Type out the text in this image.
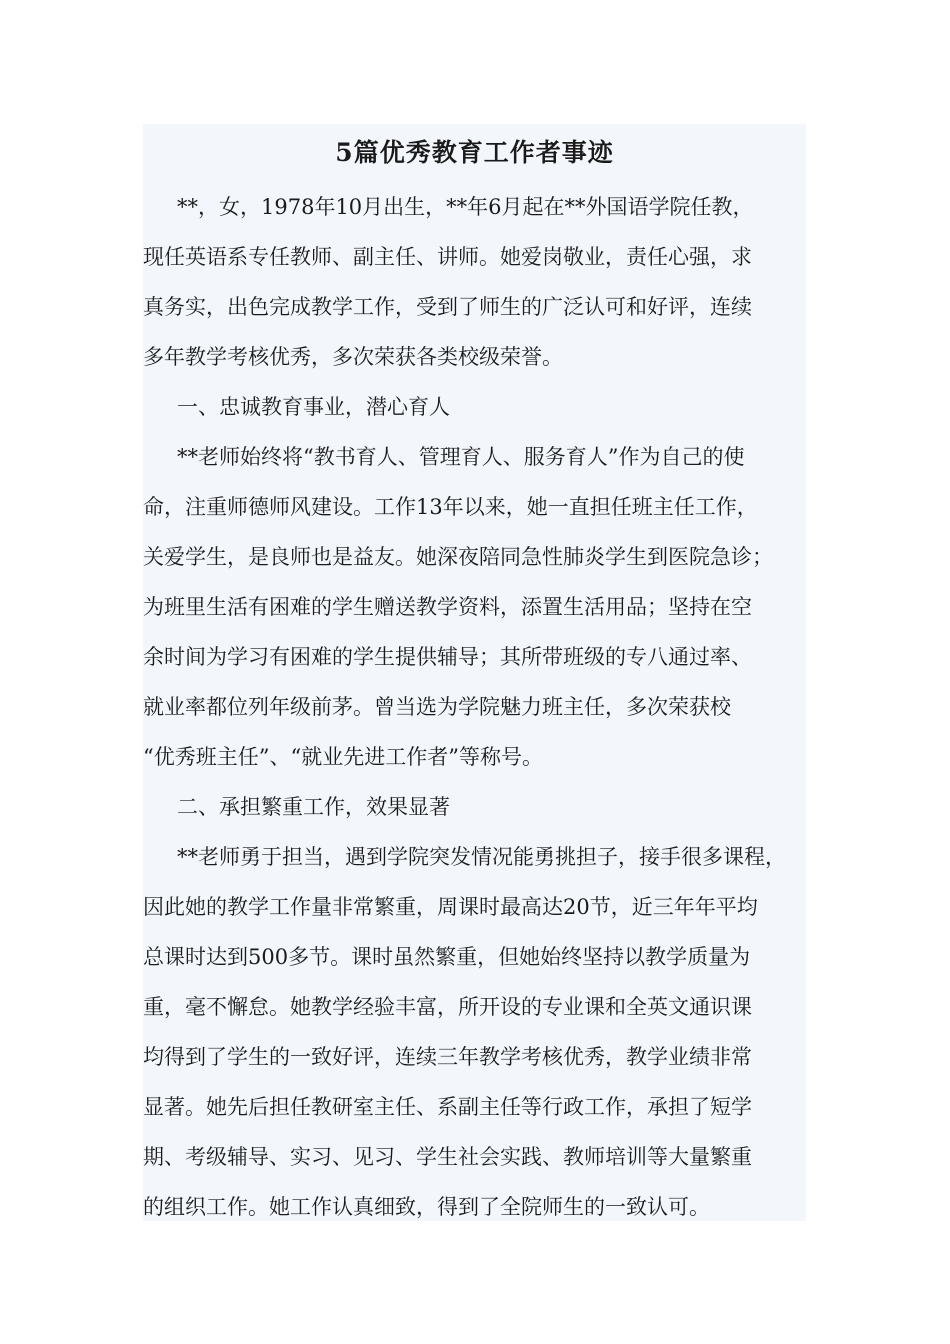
5篇优秀教育工作者事迹
**，女，1978年10月出生，**年6月起在**外国语学院任教，
现任英语系专任教师、副主任、讲师。她爱岗敬业，责任心强，求
真务实，出色完成教学工作，受到了师生的广泛认可和好评，连续
多年教学考核优秀，多次荣获各类校级荣誉。
一、忠诚教育事业，潜心育人
**老师始终将“教书育人、管理育人、服务育人”作为自己的使
命，注重师德师风建设。工作13年以来，她一直担任班主任工作，
关爱学生，是良师也是益友。她深夜陪同急性肺炎学生到医院急诊；
为班里生活有困难的学生赠送教学资料，添置生活用品；坚持在空
余时间为学习有困难的学生提供辅导；其所带班级的专八通过率、
就业率都位列年级前茅。曾当选为学院魅力班主任，多次荣获校
“优秀班主任”、“就业先进工作者”等称号。
二、承担繁重工作，效果显著
**老师勇于担当，遇到学院突发情况能勇挑担子，接手很多课程，
因此她的教学工作量非常繁重，周课时最高达20节，近三年年平均
总课时达到500多节。课时虽然繁重，但她始终坚持以教学质量为
重，毫不懈怠。她教学经验丰富，所开设的专业课和全英文通识课
均得到了学生的一致好评，连续三年教学考核优秀，教学业绩非常
显著。她先后担任教研室主任、系副主任等行政工作，承担了短学
期、考级辅导、实习、见习、学生社会实践、教师培训等大量繁重
的组织工作。她工作认真细致，得到了全院师生的一致认可。
